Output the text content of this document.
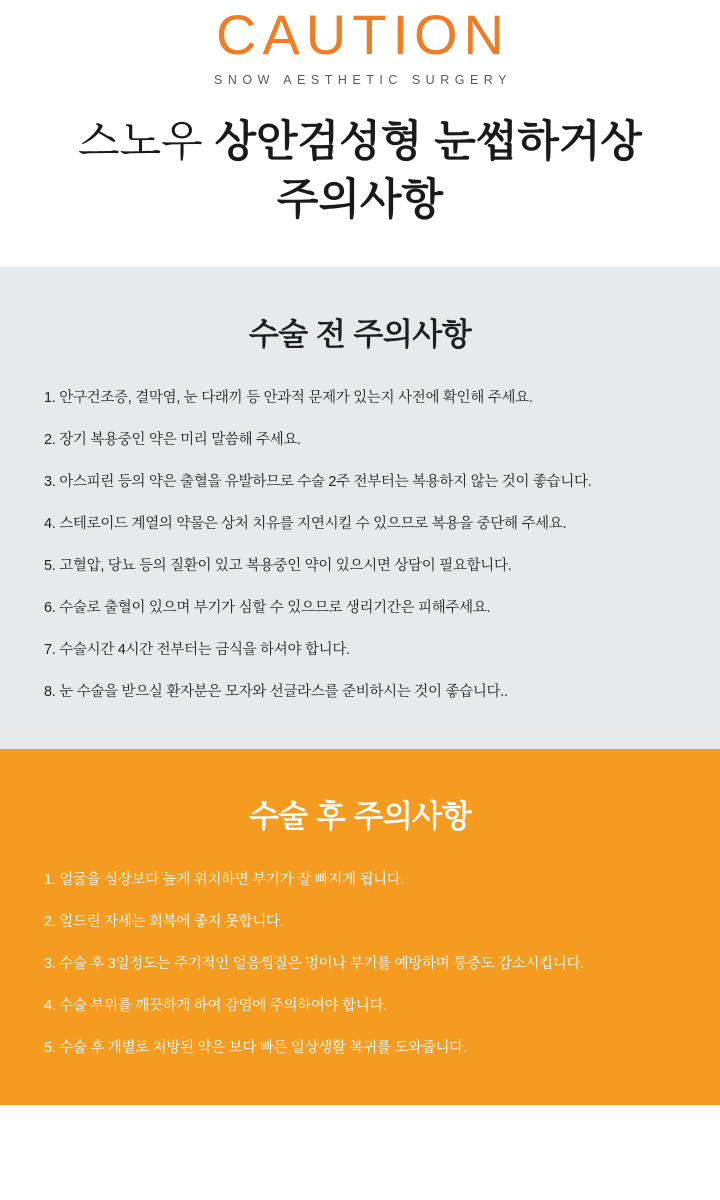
CAUTION
SNOW AESTHETIC SURGERY
스노우 상안검성형 눈썹하거상
주의사항
수술 전 주의사항
1. 안구건조증, 결막염, 눈 다래끼 등 안과적 문제가 있는지 사전에 확인해 주세요.
2. 장기 복용중인 약은 미리 말씀해 주세요.
3. 아스피린 등의 약은 출혈을 유발하므로 수술 2주 전부터는 복용하지 않는 것이 좋습니다.
4. 스테로이드 계열의 약물은 상처 치유를 지연시킬 수 있으므로 복용을 중단해 주세요.
5. 고혈압, 당뇨 등의 질환이 있고 복용중인 약이 있으시면 상담이 필요합니다.
6. 수술로 출혈이 있으며 부기가 심할 수 있으므로 생리기간은 피해주세요.
7. 수술시간 4시간 전부터는 금식을 하셔야 합니다.
8. 눈 수술을 받으실 환자분은 모자와 선글라스를 준비하시는 것이 좋습니다..
수술 후 주의사항
1. 얼굴을 심장보다 높게 위치하면 부기가 잘 빠지게 됩니다.
2. 엎드린 자세는 회복에 좋지 못합니다.
3. 수술 후 3일정도는 주기적인 얼음찜질은 멍이나 부기를 예방하며 통증도 감소시킵니다.
4. 수술 부위를 깨끗하게 하여 감염에 주의하여야 합니다.
5. 수술 후 개별로 처방된 약은 보다 빠른 일상생활 복귀를 도와줍니다.
